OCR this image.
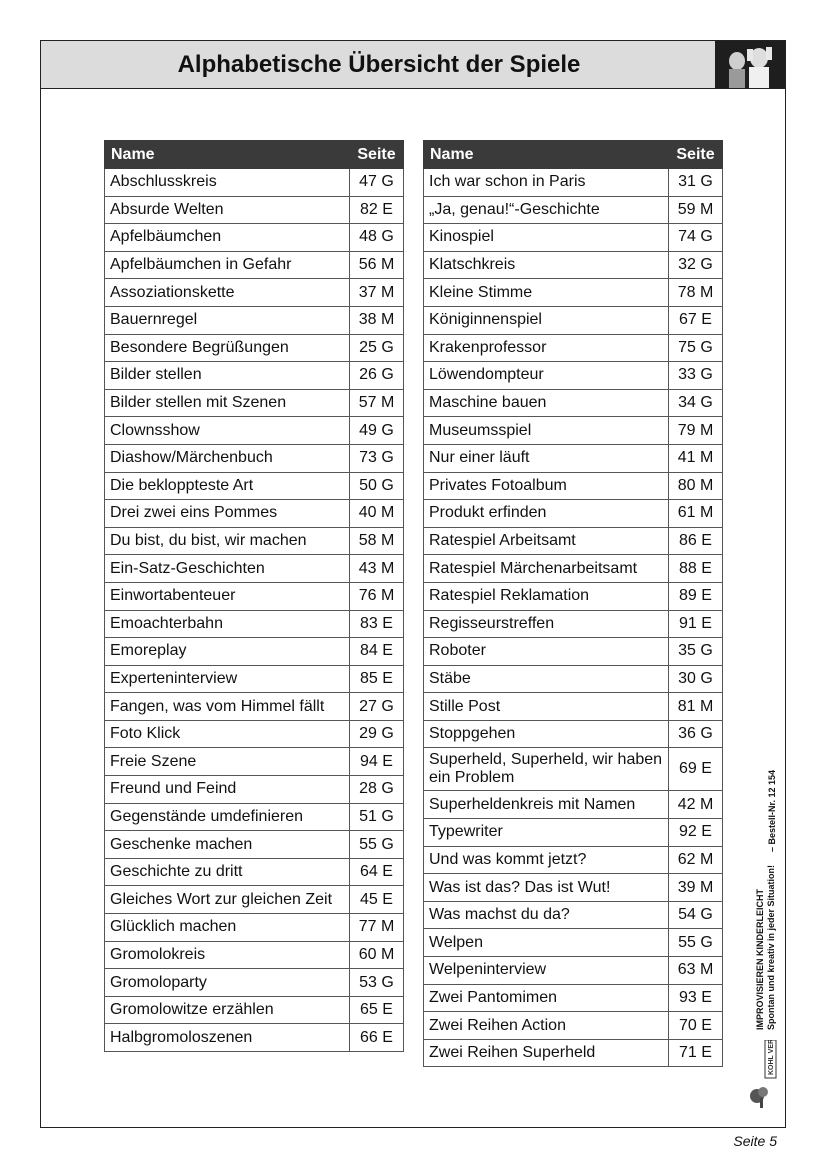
Alphabetische Übersicht der Spiele
Name	Seite
Abschlusskreis	47 G
Absurde Welten	82 E
Apfelbäumchen	48 G
Apfelbäumchen in Gefahr	56 M
Assoziationskette	37 M
Bauernregel	38 M
Besondere Begrüßungen	25 G
Bilder stellen	26 G
Bilder stellen mit Szenen	57 M
Clownsshow	49 G
Diashow/Märchenbuch	73 G
Die bekloppteste Art	50 G
Drei zwei eins Pommes	40 M
Du bist, du bist, wir machen	58 M
Ein-Satz-Geschichten	43 M
Einwortabenteuer	76 M
Emoachterbahn	83 E
Emoreplay	84 E
Experteninterview	85 E
Fangen, was vom Himmel fällt	27 G
Foto Klick	29 G
Freie Szene	94 E
Freund und Feind	28 G
Gegenstände umdefinieren	51 G
Geschenke machen	55 G
Geschichte zu dritt	64 E
Gleiches Wort zur gleichen Zeit	45 E
Glücklich machen	77 M
Gromolokreis	60 M
Gromoloparty	53 G
Gromolowitze erzählen	65 E
Halbgromoloszenen	66 E
Name	Seite
Ich war schon in Paris	31 G
„Ja, genau!“-Geschichte	59 M
Kinospiel	74 G
Klatschkreis	32 G
Kleine Stimme	78 M
Königinnenspiel	67 E
Krakenprofessor	75 G
Löwendompteur	33 G
Maschine bauen	34 G
Museumsspiel	79 M
Nur einer läuft	41 M
Privates Fotoalbum	80 M
Produkt erfinden	61 M
Ratespiel Arbeitsamt	86 E
Ratespiel Märchenarbeitsamt	88 E
Ratespiel Reklamation	89 E
Regisseurstreffen	91 E
Roboter	35 G
Stäbe	30 G
Stille Post	81 M
Stoppgehen	36 G
Superheld, Superheld, wir haben ein Problem	69 E
Superheldenkreis mit Namen	42 M
Typewriter	92 E
Und was kommt jetzt?	62 M
Was ist das? Das ist Wut!	39 M
Was machst du da?	54 G
Welpen	55 G
Welpeninterview	63 M
Zwei Pantomimen	93 E
Zwei Reihen Action	70 E
Zwei Reihen Superheld	71 E
IMPROVISIEREN KINDERLEICHT Spontan und kreativ in jeder Situation!
– Bestell-Nr. 12 154
KOHL VERLAG
Seite 5
